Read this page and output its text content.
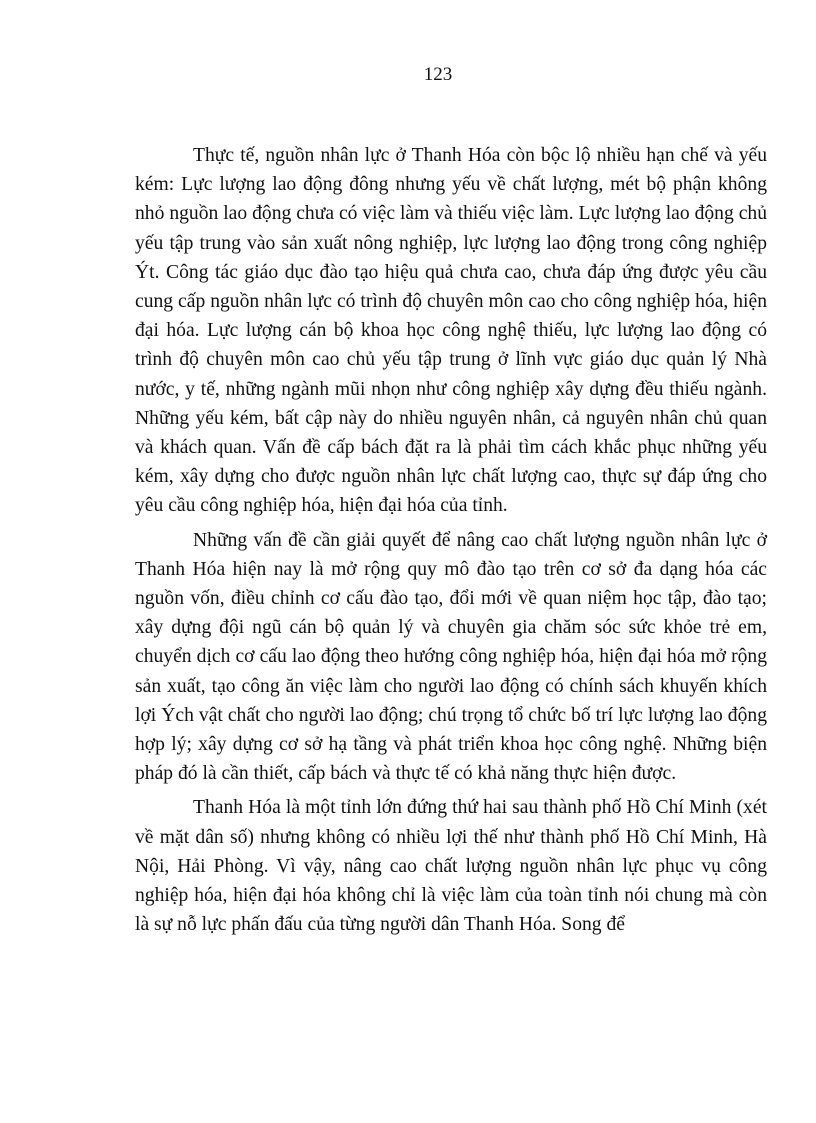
123

Thực tế, nguồn nhân lực ở Thanh Hóa còn bộc lộ nhiều hạn chế và yếu kém: Lực lượng lao động đông nhưng yếu về chất lượng, mét bộ phận không nhỏ nguồn lao động chưa có việc làm và thiếu việc làm. Lực lượng lao động chủ yếu tập trung vào sản xuất nông nghiệp, lực lượng lao động trong công nghiệp Ýt. Công tác giáo dục đào tạo hiệu quả chưa cao, chưa đáp ứng được yêu cầu cung cấp nguồn nhân lực có trình độ chuyên môn cao cho công nghiệp hóa, hiện đại hóa. Lực lượng cán bộ khoa học công nghệ thiếu, lực lượng lao động có trình độ chuyên môn cao chủ yếu tập trung ở lĩnh vực giáo dục quản lý Nhà nước, y tế, những ngành mũi nhọn như công nghiệp xây dựng đều thiếu ngành. Những yếu kém, bất cập này do nhiều nguyên nhân, cả nguyên nhân chủ quan và khách quan. Vấn đề cấp bách đặt ra là phải tìm cách khắc phục những yếu kém, xây dựng cho được nguồn nhân lực chất lượng cao, thực sự đáp ứng cho yêu cầu công nghiệp hóa, hiện đại hóa của tỉnh.

Những vấn đề cần giải quyết để nâng cao chất lượng nguồn nhân lực ở Thanh Hóa hiện nay là mở rộng quy mô đào tạo trên cơ sở đa dạng hóa các nguồn vốn, điều chỉnh cơ cấu đào tạo, đổi mới về quan niệm học tập, đào tạo; xây dựng đội ngũ cán bộ quản lý và chuyên gia chăm sóc sức khỏe trẻ em, chuyển dịch cơ cấu lao động theo hướng công nghiệp hóa, hiện đại hóa mở rộng sản xuất, tạo công ăn việc làm cho người lao động có chính sách khuyến khích lợi Ých vật chất cho người lao động; chú trọng tổ chức bố trí lực lượng lao động hợp lý; xây dựng cơ sở hạ tầng và phát triển khoa học công nghệ. Những biện pháp đó là cần thiết, cấp bách và thực tế có khả năng thực hiện được.

Thanh Hóa là một tỉnh lớn đứng thứ hai sau thành phố Hồ Chí Minh (xét về mặt dân số) nhưng không có nhiều lợi thế như thành phố Hồ Chí Minh, Hà Nội, Hải Phòng. Vì vậy, nâng cao chất lượng nguồn nhân lực phục vụ công nghiệp hóa, hiện đại hóa không chỉ là việc làm của toàn tỉnh nói chung mà còn là sự nỗ lực phấn đấu của từng người dân Thanh Hóa. Song để
